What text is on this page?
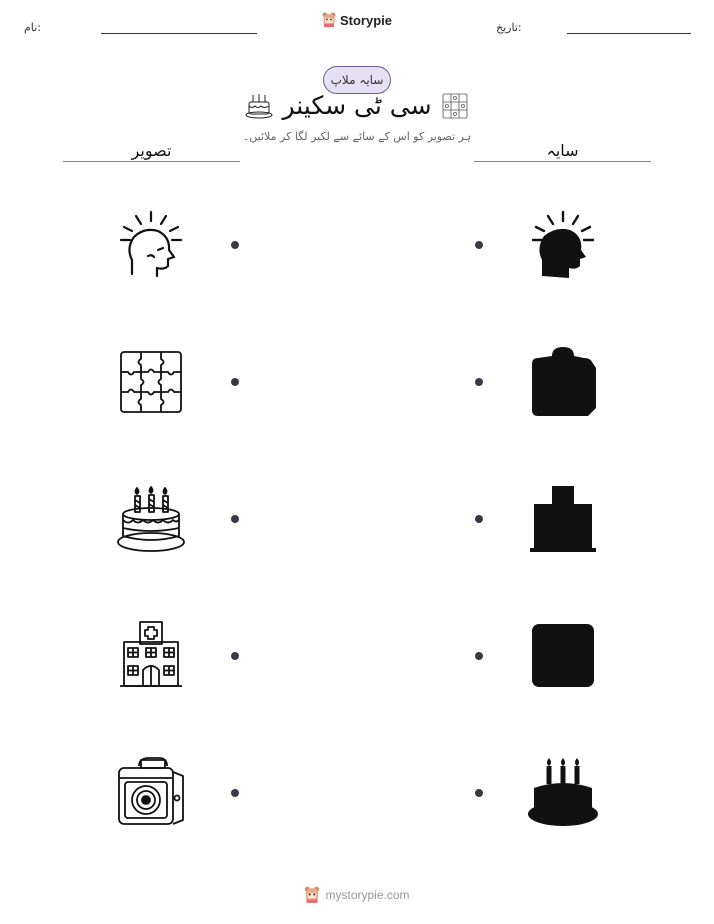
نام:	تاریخ:
Storypie
سایہ ملاپ
سی ٹی سکینر
ہر تصویر کو اس کے سائے سے لکیر لگا کر ملائیں۔
تصویر	سایہ
mystorypie.com
